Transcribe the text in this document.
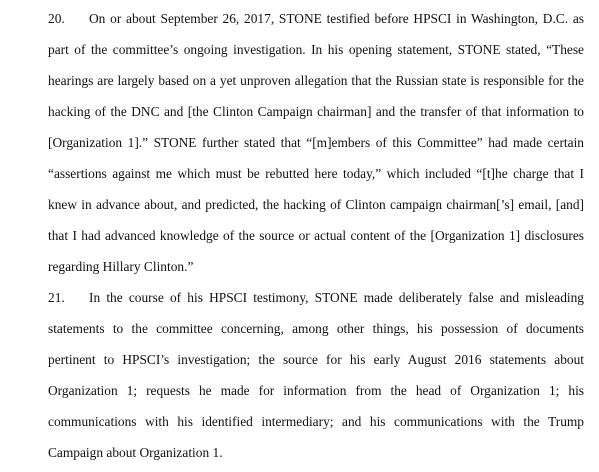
20. On or about September 26, 2017, STONE testified before HPSCI in Washington, D.C. as
part of the committee’s ongoing investigation. In his opening statement, STONE stated, “These
hearings are largely based on a yet unproven allegation that the Russian state is responsible for the
hacking of the DNC and [the Clinton Campaign chairman] and the transfer of that information to
[Organization 1].” STONE further stated that “[m]embers of this Committee” had made certain
“assertions against me which must be rebutted here today,” which included “[t]he charge that I
knew in advance about, and predicted, the hacking of Clinton campaign chairman[’s] email, [and]
that I had advanced knowledge of the source or actual content of the [Organization 1] disclosures
regarding Hillary Clinton.”
21. In the course of his HPSCI testimony, STONE made deliberately false and misleading
statements to the committee concerning, among other things, his possession of documents
pertinent to HPSCI’s investigation; the source for his early August 2016 statements about
Organization 1; requests he made for information from the head of Organization 1; his
communications with his identified intermediary; and his communications with the Trump
Campaign about Organization 1.
